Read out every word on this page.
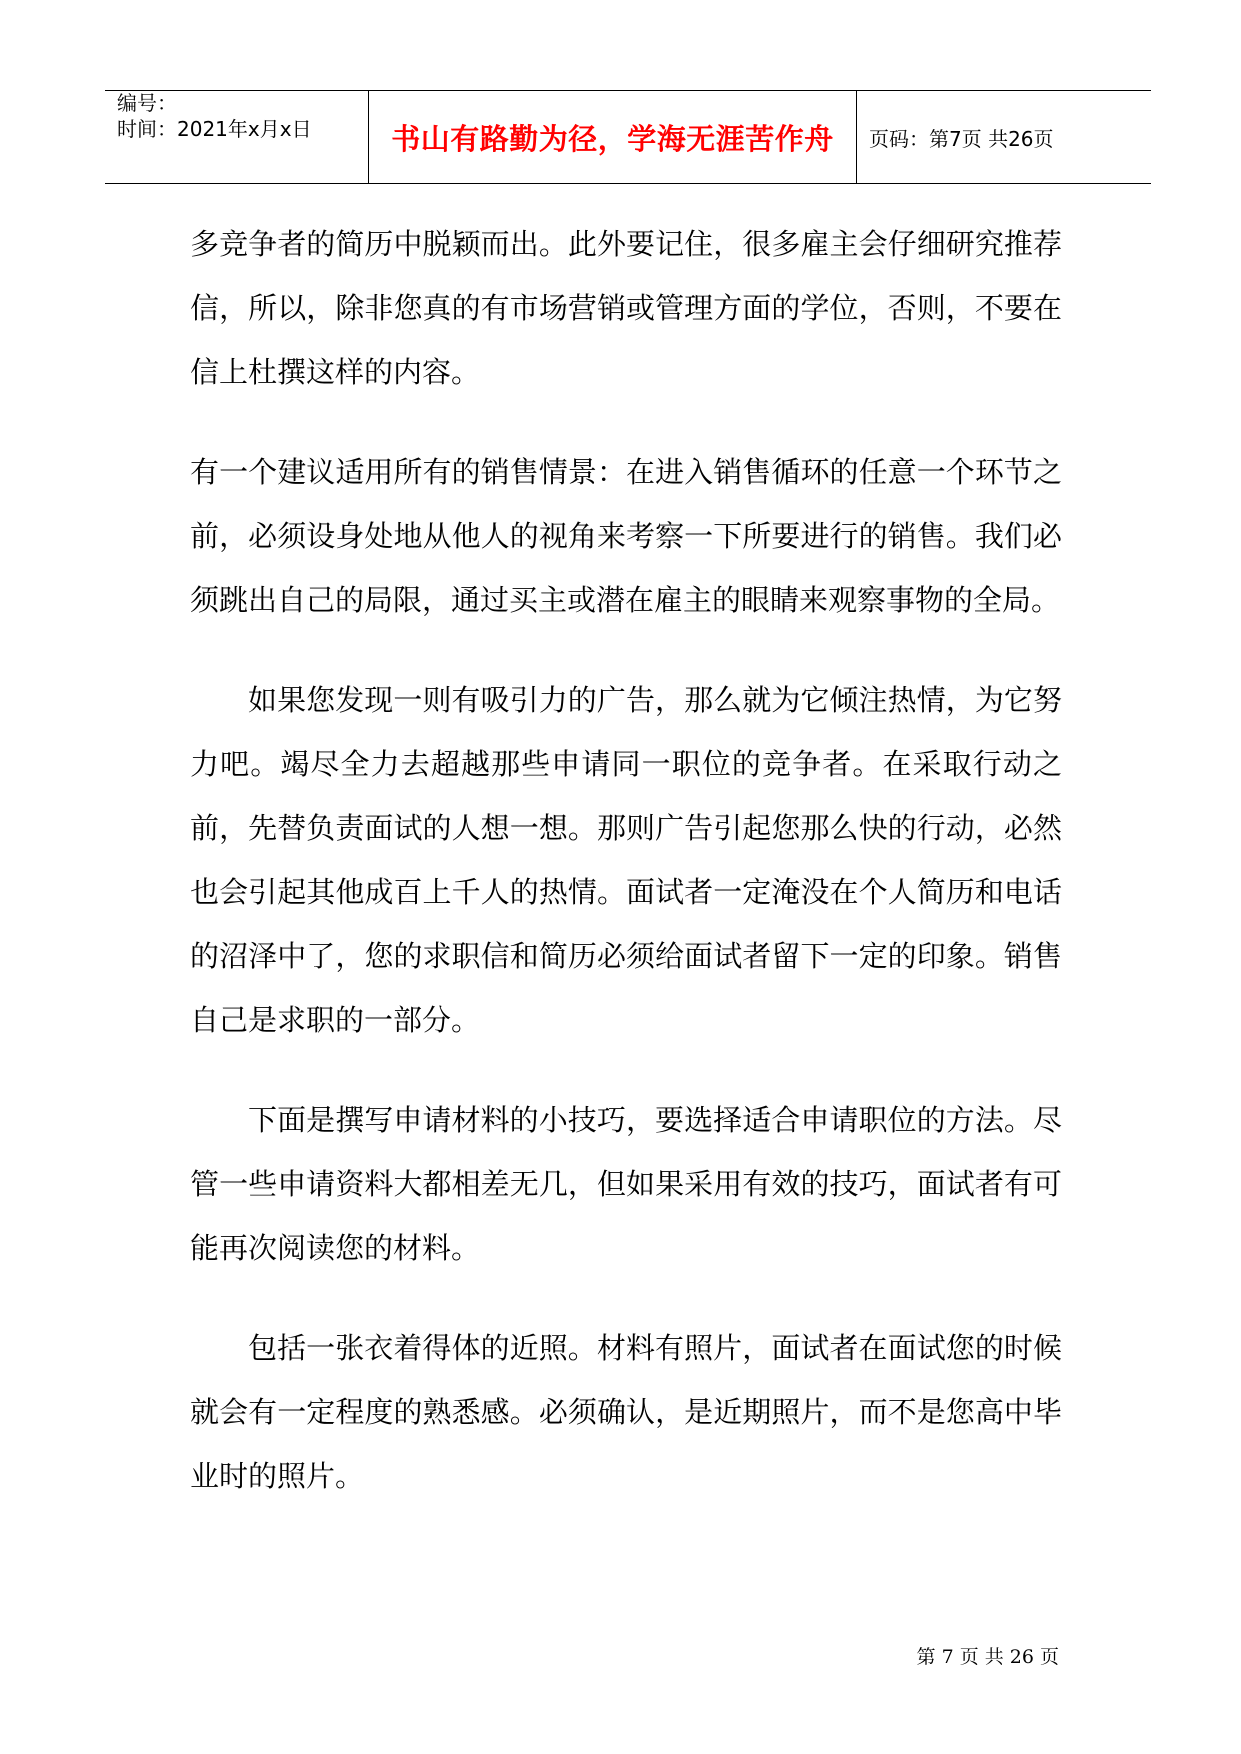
编号：
时间：2021年x月x日	书山有路勤为径，学海无涯苦作舟 页码：第7页 共26页

多竞争者的简历中脱颖而出。此外要记住，很多雇主会仔细研究推荐信，所以，除非您真的有市场营销或管理方面的学位，否则，不要在信上杜撰这样的内容。

有一个建议适用所有的销售情景：在进入销售循环的任意一个环节之前，必须设身处地从他人的视角来考察一下所要进行的销售。我们必须跳出自己的局限，通过买主或潜在雇主的眼睛来观察事物的全局。

如果您发现一则有吸引力的广告，那么就为它倾注热情，为它努力吧。竭尽全力去超越那些申请同一职位的竞争者。在采取行动之前，先替负责面试的人想一想。那则广告引起您那么快的行动，必然也会引起其他成百上千人的热情。面试者一定淹没在个人简历和电话的沼泽中了，您的求职信和简历必须给面试者留下一定的印象。销售自己是求职的一部分。

下面是撰写申请材料的小技巧，要选择适合申请职位的方法。尽管一些申请资料大都相差无几，但如果采用有效的技巧，面试者有可能再次阅读您的材料。

包括一张衣着得体的近照。材料有照片，面试者在面试您的时候就会有一定程度的熟悉感。必须确认，是近期照片，而不是您高中毕业时的照片。

第 7 页 共 26 页
